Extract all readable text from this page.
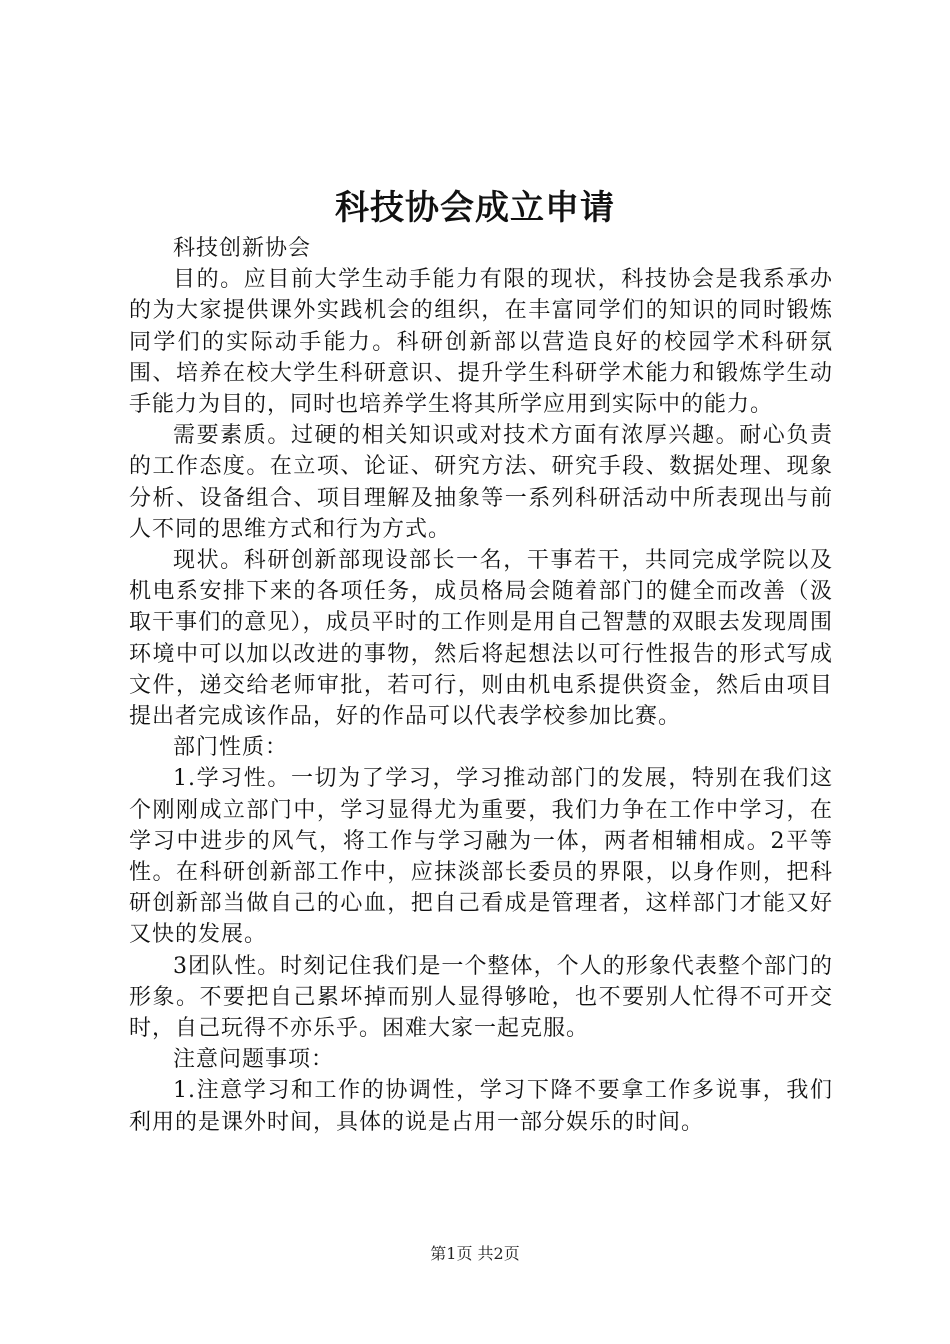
科技协会成立申请

科技创新协会

目的。应目前大学生动手能力有限的现状，科技协会是我系承办的为大家提供课外实践机会的组织，在丰富同学们的知识的同时锻炼同学们的实际动手能力。科研创新部以营造良好的校园学术科研氛围、培养在校大学生科研意识、提升学生科研学术能力和锻炼学生动手能力为目的，同时也培养学生将其所学应用到实际中的能力。

需要素质。过硬的相关知识或对技术方面有浓厚兴趣。耐心负责的工作态度。在立项、论证、研究方法、研究手段、数据处理、现象分析、设备组合、项目理解及抽象等一系列科研活动中所表现出与前人不同的思维方式和行为方式。

现状。科研创新部现设部长一名，干事若干，共同完成学院以及机电系安排下来的各项任务，成员格局会随着部门的健全而改善（汲取干事们的意见），成员平时的工作则是用自己智慧的双眼去发现周围环境中可以加以改进的事物，然后将起想法以可行性报告的形式写成文件，递交给老师审批，若可行，则由机电系提供资金，然后由项目提出者完成该作品，好的作品可以代表学校参加比赛。

部门性质：

1.学习性。一切为了学习，学习推动部门的发展，特别在我们这个刚刚成立部门中，学习显得尤为重要，我们力争在工作中学习，在学习中进步的风气，将工作与学习融为一体，两者相辅相成。2平等性。在科研创新部工作中，应抹淡部长委员的界限，以身作则，把科研创新部当做自己的心血，把自己看成是管理者，这样部门才能又好又快的发展。

3团队性。时刻记住我们是一个整体，个人的形象代表整个部门的形象。不要把自己累坏掉而别人显得够呛，也不要别人忙得不可开交时，自己玩得不亦乐乎。困难大家一起克服。

注意问题事项：

1.注意学习和工作的协调性，学习下降不要拿工作多说事，我们利用的是课外时间，具体的说是占用一部分娱乐的时间。

第1页 共2页
